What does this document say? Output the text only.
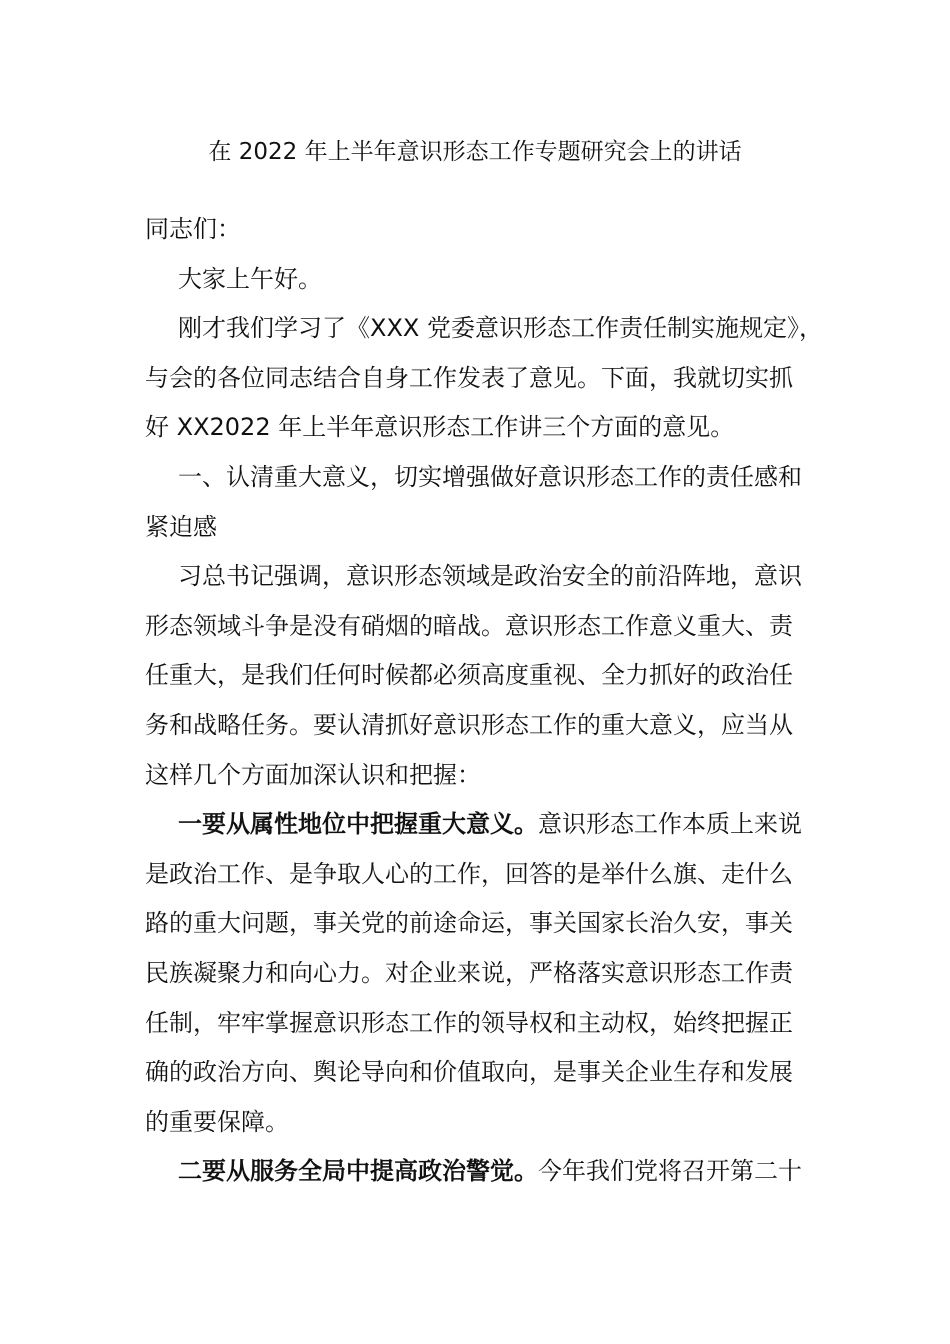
在 2022 年上半年意识形态工作专题研究会上的讲话

同志们：

大家上午好。

刚才我们学习了《XXX 党委意识形态工作责任制实施规定》，

与会的各位同志结合自身工作发表了意见。下面，我就切实抓

好 XX2022 年上半年意识形态工作讲三个方面的意见。

一、认清重大意义，切实增强做好意识形态工作的责任感和

紧迫感

习总书记强调，意识形态领域是政治安全的前沿阵地，意识

形态领域斗争是没有硝烟的暗战。意识形态工作意义重大、责

任重大，是我们任何时候都必须高度重视、全力抓好的政治任

务和战略任务。要认清抓好意识形态工作的重大意义，应当从

这样几个方面加深认识和把握：

一要从属性地位中把握重大意义。意识形态工作本质上来说

是政治工作、是争取人心的工作，回答的是举什么旗、走什么

路的重大问题，事关党的前途命运，事关国家长治久安，事关

民族凝聚力和向心力。对企业来说，严格落实意识形态工作责

任制，牢牢掌握意识形态工作的领导权和主动权，始终把握正

确的政治方向、舆论导向和价值取向，是事关企业生存和发展

的重要保障。

二要从服务全局中提高政治警觉。今年我们党将召开第二十
